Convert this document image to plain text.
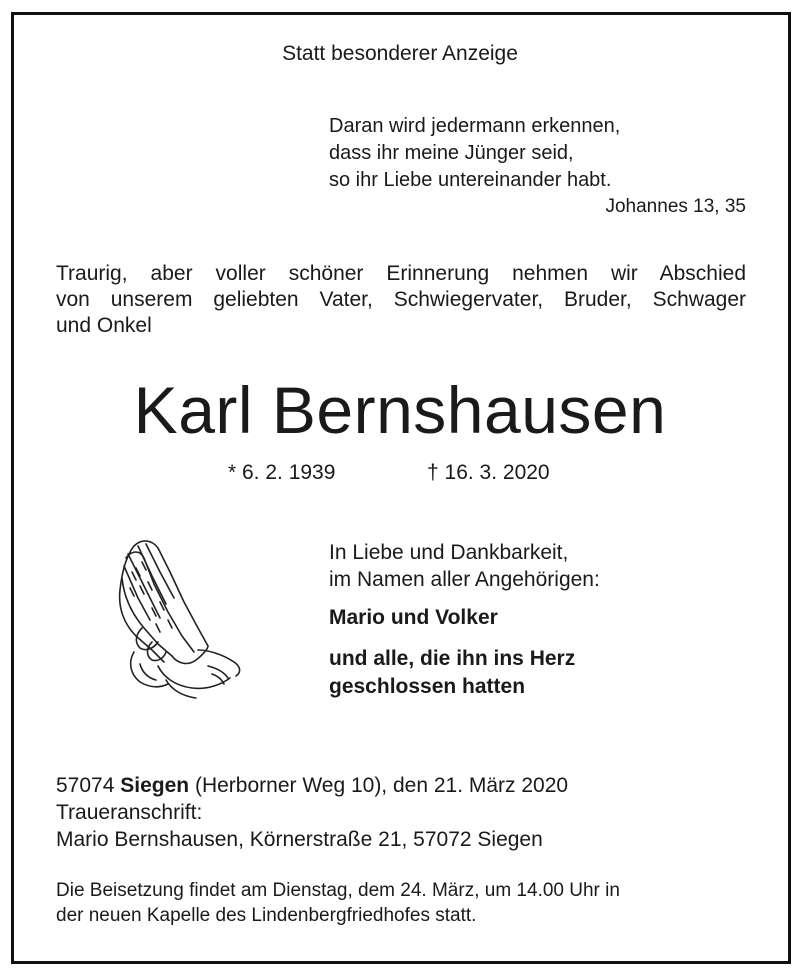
Statt besonderer Anzeige
Daran wird jedermann erkennen,
dass ihr meine Jünger seid,
so ihr Liebe untereinander habt.
Johannes 13, 35
Traurig, aber voller schöner Erinnerung nehmen wir Abschied
von unserem geliebten Vater, Schwiegervater, Bruder, Schwager
und Onkel
Karl Bernshausen
* 6. 2. 1939	† 16. 3. 2020
In Liebe und Dankbarkeit,
im Namen aller Angehörigen:
Mario und Volker
und alle, die ihn ins Herz
geschlossen hatten
57074 Siegen (Herborner Weg 10), den 21. März 2020
Traueranschrift:
Mario Bernshausen, Körnerstraße 21, 57072 Siegen
Die Beisetzung findet am Dienstag, dem 24. März, um 14.00 Uhr in
der neuen Kapelle des Lindenbergfriedhofes statt.
